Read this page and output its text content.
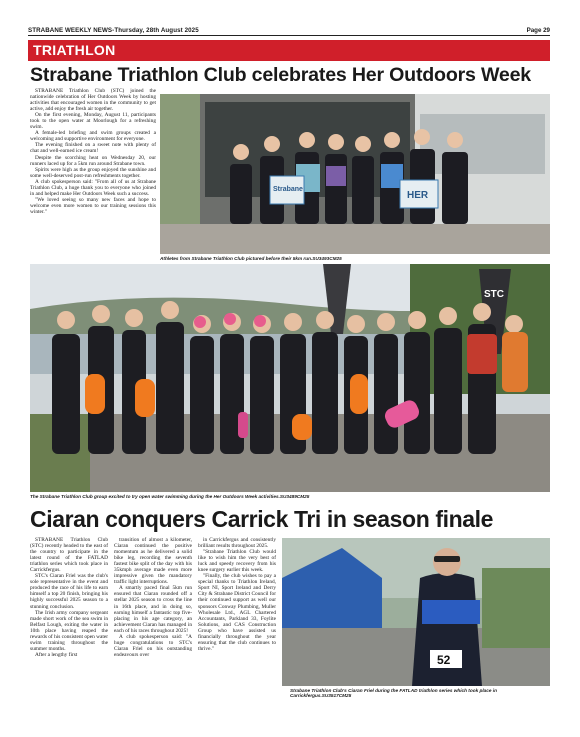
STRABANE WEEKLY NEWS-Thursday, 28th August 2025	Page 29
TRIATHLON
Strabane Triathlon Club celebrates Her Outdoors Week

STRABANE Triathlon Club (STC) joined the nationwide celebration of Her Outdoors Week by hosting activities that encouraged women in the community to get active, add enjoy the fresh air together.

On the first evening, Monday, August 11, participants took to the open water at Moorlough for a refreshing swim.

A female-led briefing and swim groups created a welcoming and supportive environment for everyone.

The evening finished on a sweet note with plenty of chat and well-earned ice cream!

Despite the scorching heat on Wednesday 20, our runners laced up for a 5km run around Strabane town.

Spirits were high as the group enjoyed the sunshine and some well-deserved post-run refreshments together.

A club spokesperson said: "From all of us at Strabane Triathlon Club, a huge thank you to everyone who joined in and helped make Her Outdoors Week such a success.

"We loved seeing so many new faces and hope to welcome even more women to our training sessions this winter."

Strabane
HER
Athletes from Strabane Triathlon Club pictured before their 5km run.SU3493CM25
STC
The Strabane Triathlon Club group excited to try open water swimming during the Her Outdoors Week activities.SU3489CM25
Ciaran conquers Carrick Tri in season finale

STRABANE Triathlon Club (STC) recently headed to the east of the country to participate in the latest round of the FATLAD triathlon series which took place in Carrickfergus.

STC's Ciaran Friel was the club's sole representative in the event and produced the race of his life to earn himself a top 20 finish, bringing his highly successful 2025 season to a stunning conclusion.

The Irish army company sergeant made short work of the sea swim in Belfast Lough, exiting the water in 10th place having reaped the rewards of his consistent open water swim training throughout the summer months.

After a lengthy first

transition of almost a kilometer, Ciaran continued the positive momentum as he delivered a solid bike leg, recording the seventh fastest bike split of the day with his 35kmph average made even more impressive given the mandatory traffic light interruptions.

A smartly paced final 5km run ensured that Ciaran rounded off a stellar 2025 season to cross the line in 16th place, and in doing so, earning himself a fantastic top five-placing in his age category, an achievement Ciaran has managed in each of his races throughout 2025!

A club spokesperson said: "A huge congratulations to STC's Ciaran Friel on his outstanding endeavours over

in Carrickfergus and consistently brilliant results throughout 2025.

"Strabane Triathlon Club would like to wish him the very best of luck and speedy recovery from his knee surgery earlier this week.

"Finally, the club wishes to pay a special thanks to Triathlon Ireland, Sport NI, Sport Ireland and Derry City & Strabane District Council for their continued support as well our sponsors Conway Plumbing, Muller Wholesale Ltd., AGL Chartered Accountants, Parkland 33, Foylite Solutions, and CAS Construction Group who have assisted us financially throughout the year ensuring that the club continues to thrive."

52
Strabane Triathlon Club's Ciaran Friel during the FATLAD triathlon series which took place in Carrickfergus.SU3517CM25
